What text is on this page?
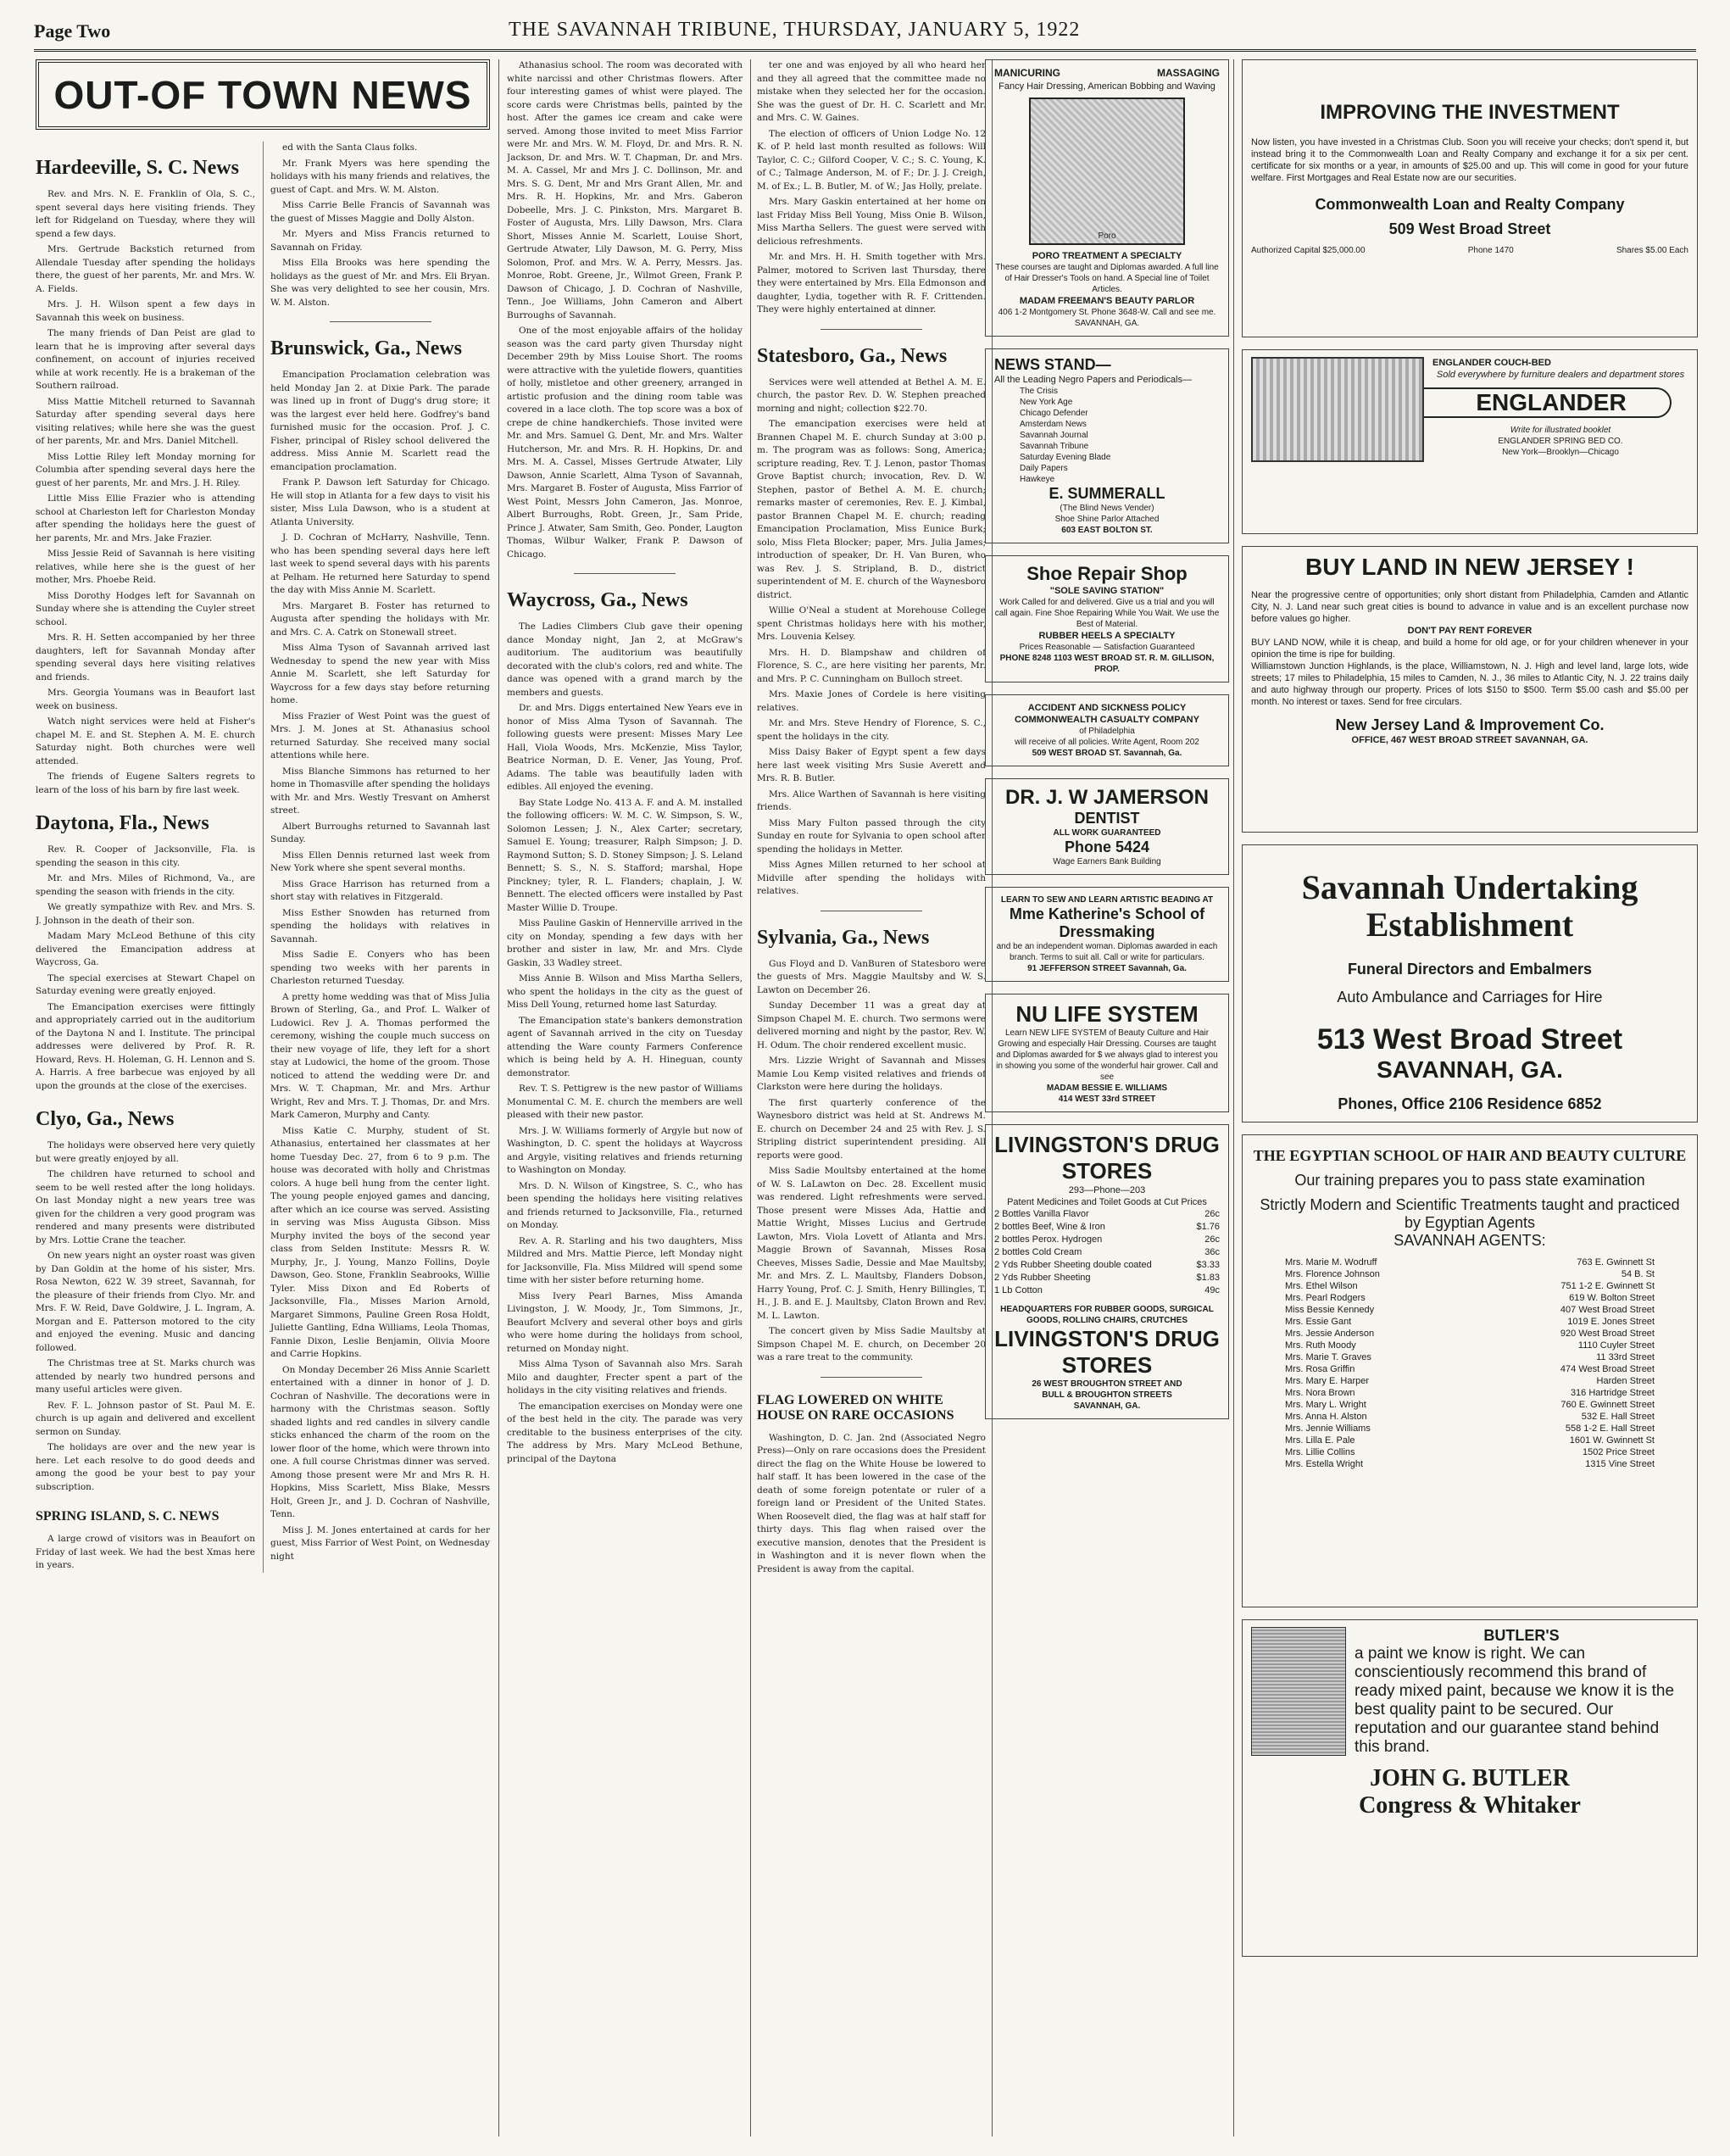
Page Two	THE SAVANNAH TRIBUNE, THURSDAY, JANUARY 5, 1922
OUT-OF TOWN NEWS
Hardeeville, S. C. News

Rev. and Mrs. N. E. Franklin of Ola, S. C., spent several days here visiting friends. They left for Ridgeland on Tuesday, where they will spend a few days.

Mrs. Gertrude Backstich returned from Allendale Tuesday after spending the holidays there, the guest of her parents, Mr. and Mrs. W. A. Fields.

Mrs. J. H. Wilson spent a few days in Savannah this week on business.

The many friends of Dan Peist are glad to learn that he is improving after several days confinement, on account of injuries received while at work recently. He is a brakeman of the Southern railroad.

Miss Mattie Mitchell returned to Savannah Saturday after spending several days here visiting relatives; while here she was the guest of her parents, Mr. and Mrs. Daniel Mitchell.

Miss Lottie Riley left Monday morning for Columbia after spending several days here the guest of her parents, Mr. and Mrs. J. H. Riley.

Little Miss Ellie Frazier who is attending school at Charleston left for Charleston Monday after spending the holidays here the guest of her parents, Mr. and Mrs. Jake Frazier.

Miss Jessie Reid of Savannah is here visiting relatives, while here she is the guest of her mother, Mrs. Phoebe Reid.

Miss Dorothy Hodges left for Savannah on Sunday where she is attending the Cuyler street school.

Mrs. R. H. Setten accompanied by her three daughters, left for Savannah Monday after spending several days here visiting relatives and friends.

Mrs. Georgia Youmans was in Beaufort last week on business.

Watch night services were held at Fisher's chapel M. E. and St. Stephen A. M. E. church Saturday night. Both churches were well attended.

The friends of Eugene Salters regrets to learn of the loss of his barn by fire last week.

Daytona, Fla., News

Rev. R. Cooper of Jacksonville, Fla. is spending the season in this city.

Mr. and Mrs. Miles of Richmond, Va., are spending the season with friends in the city.

We greatly sympathize with Rev. and Mrs. S. J. Johnson in the death of their son.

Madam Mary McLeod Bethune of this city delivered the Emancipation address at Waycross, Ga.

The special exercises at Stewart Chapel on Saturday evening were greatly enjoyed.

The Emancipation exercises were fittingly and appropriately carried out in the auditorium of the Daytona N and I. Institute. The principal addresses were delivered by Prof. R. R. Howard, Revs. H. Holeman, G. H. Lennon and S. A. Harris. A free barbecue was enjoyed by all upon the grounds at the close of the exercises.

Clyo, Ga., News

The holidays were observed here very quietly but were greatly enjoyed by all.

The children have returned to school and seem to be well rested after the long holidays. On last Monday night a new years tree was given for the children a very good program was rendered and many presents were distributed by Mrs. Lottie Crane the teacher.

On new years night an oyster roast was given by Dan Goldin at the home of his sister, Mrs. Rosa Newton, 622 W. 39 street, Savannah, for the pleasure of their friends from Clyo. Mr. and Mrs. F. W. Reid, Dave Goldwire, J. L. Ingram, A. Morgan and E. Patterson motored to the city and enjoyed the evening. Music and dancing followed.

The Christmas tree at St. Marks church was attended by nearly two hundred persons and many useful articles were given.

Rev. F. L. Johnson pastor of St. Paul M. E. church is up again and delivered and excellent sermon on Sunday.

The holidays are over and the new year is here. Let each resolve to do good deeds and among the good be your best to pay your subscription.

SPRING ISLAND, S. C. NEWS

A large crowd of visitors was in Beaufort on Friday of last week. We had the best Xmas here in years.

ed with the Santa Claus folks.

Mr. Frank Myers was here spending the holidays with his many friends and relatives, the guest of Capt. and Mrs. W. M. Alston.

Miss Carrie Belle Francis of Savannah was the guest of Misses Maggie and Dolly Alston.

Mr. Myers and Miss Francis returned to Savannah on Friday.

Miss Ella Brooks was here spending the holidays as the guest of Mr. and Mrs. Eli Bryan. She was very delighted to see her cousin, Mrs. W. M. Alston.

Brunswick, Ga., News

Emancipation Proclamation celebration was held Monday Jan 2. at Dixie Park. The parade was lined up in front of Dugg's drug store; it was the largest ever held here. Godfrey's band furnished music for the occasion. Prof. J. C. Fisher, principal of Risley school delivered the address. Miss Annie M. Scarlett read the emancipation proclamation.

Frank P. Dawson left Saturday for Chicago. He will stop in Atlanta for a few days to visit his sister, Miss Lula Dawson, who is a student at Atlanta University.

J. D. Cochran of McHarry, Nashville, Tenn. who has been spending several days here left last week to spend several days with his parents at Pelham. He returned here Saturday to spend the day with Miss Annie M. Scarlett.

Mrs. Margaret B. Foster has returned to Augusta after spending the holidays with Mr. and Mrs. C. A. Catrk on Stonewall street.

Miss Alma Tyson of Savannah arrived last Wednesday to spend the new year with Miss Annie M. Scarlett, she left Saturday for Waycross for a few days stay before returning home.

Miss Frazier of West Point was the guest of Mrs. J. M. Jones at St. Athanasius school returned Saturday. She received many social attentions while here.

Miss Blanche Simmons has returned to her home in Thomasville after spending the holidays with Mr. and Mrs. Westly Tresvant on Amherst street.

Albert Burroughs returned to Savannah last Sunday.

Miss Ellen Dennis returned last week from New York where she spent several months.

Miss Grace Harrison has returned from a short stay with relatives in Fitzgerald.

Miss Esther Snowden has returned from spending the holidays with relatives in Savannah.

Miss Sadie E. Conyers who has been spending two weeks with her parents in Charleston returned Tuesday.

A pretty home wedding was that of Miss Julia Brown of Sterling, Ga., and Prof. L. Walker of Ludowici. Rev J. A. Thomas performed the ceremony, wishing the couple much success on their new voyage of life, they left for a short stay at Ludowici, the home of the groom. Those noticed to attend the wedding were Dr. and Mrs. W. T. Chapman, Mr. and Mrs. Arthur Wright, Rev and Mrs. T. J. Thomas, Dr. and Mrs. Mark Cameron, Murphy and Canty.

Miss Katie C. Murphy, student of St. Athanasius, entertained her classmates at her home Tuesday Dec. 27, from 6 to 9 p.m. The house was decorated with holly and Christmas colors. A huge bell hung from the center light. The young people enjoyed games and dancing, after which an ice course was served. Assisting in serving was Miss Augusta Gibson. Miss Murphy invited the boys of the second year class from Selden Institute: Messrs R. W. Murphy, Jr., J. Young, Manzo Follins, Doyle Dawson, Geo. Stone, Franklin Seabrooks, Willie Tyler. Miss Dixon and Ed Roberts of Jacksonville, Fla., Misses Marion Arnold, Margaret Simmons, Pauline Green Rosa Holdt, Juliette Gantling, Edna Williams, Leola Thomas, Fannie Dixon, Leslie Benjamin, Olivia Moore and Carrie Hopkins.

On Monday December 26 Miss Annie Scarlett entertained with a dinner in honor of J. D. Cochran of Nashville. The decorations were in harmony with the Christmas season. Softly shaded lights and red candles in silvery candle sticks enhanced the charm of the room on the lower floor of the home, which were thrown into one. A full course Christmas dinner was served. Among those present were Mr and Mrs R. H. Hopkins, Miss Scarlett, Miss Blake, Messrs Holt, Green Jr., and J. D. Cochran of Nashville, Tenn.

Miss J. M. Jones entertained at cards for her guest, Miss Farrior of West Point, on Wednesday night

Athanasius school. The room was decorated with white narcissi and other Christmas flowers. After four interesting games of whist were played. The score cards were Christmas bells, painted by the host. After the games ice cream and cake were served. Among those invited to meet Miss Farrior were Mr. and Mrs. W. M. Floyd, Dr. and Mrs. R. N. Jackson, Dr. and Mrs. W. T. Chapman, Dr. and Mrs. M. A. Cassel, Mr and Mrs J. C. Dollinson, Mr. and Mrs. S. G. Dent, Mr and Mrs Grant Allen, Mr. and Mrs. R. H. Hopkins, Mr. and Mrs. Gaberon Dobeelle, Mrs. J. C. Pinkston, Mrs. Margaret B. Foster of Augusta, Mrs. Lilly Dawson, Mrs. Clara Short, Misses Annie M. Scarlett, Louise Short, Gertrude Atwater, Lily Dawson, M. G. Perry, Miss Solomon, Prof. and Mrs. W. A. Perry, Messrs. Jas. Monroe, Robt. Greene, Jr., Wilmot Green, Frank P. Dawson of Chicago, J. D. Cochran of Nashville, Tenn., Joe Williams, John Cameron and Albert Burroughs of Savannah.

One of the most enjoyable affairs of the holiday season was the card party given Thursday night December 29th by Miss Louise Short. The rooms were attractive with the yuletide flowers, quantities of holly, mistletoe and other greenery, arranged in artistic profusion and the dining room table was covered in a lace cloth. The top score was a box of crepe de chine handkerchiefs. Those invited were Mr. and Mrs. Samuel G. Dent, Mr. and Mrs. Walter Hutcherson, Mr. and Mrs. R. H. Hopkins, Dr. and Mrs. M. A. Cassel, Misses Gertrude Atwater, Lily Dawson, Annie Scarlett, Alma Tyson of Savannah, Mrs. Margaret B. Foster of Augusta, Miss Farrior of West Point, Messrs John Cameron, Jas. Monroe, Albert Burroughs, Robt. Green, Jr., Sam Pride, Prince J. Atwater, Sam Smith, Geo. Ponder, Laugton Thomas, Wilbur Walker, Frank P. Dawson of Chicago.

Waycross, Ga., News

The Ladies Climbers Club gave their opening dance Monday night, Jan 2, at McGraw's auditorium. The auditorium was beautifully decorated with the club's colors, red and white. The dance was opened with a grand march by the members and guests.

Dr. and Mrs. Diggs entertained New Years eve in honor of Miss Alma Tyson of Savannah. The following guests were present: Misses Mary Lee Hall, Viola Woods, Mrs. McKenzie, Miss Taylor, Beatrice Norman, D. E. Vener, Jas Young, Prof. Adams. The table was beautifully laden with edibles. All enjoyed the evening.

Bay State Lodge No. 413 A. F. and A. M. installed the following officers: W. M. C. W. Simpson, S. W., Solomon Lessen; J. N., Alex Carter; secretary, Samuel E. Young; treasurer, Ralph Simpson; J. D. Raymond Sutton; S. D. Stoney Simpson; J. S. Leland Bennett; S. S., N. S. Stafford; marshal, Hope Pinckney; tyler, R. L. Flanders; chaplain, J. W. Bennett. The elected officers were installed by Past Master Willie D. Troupe.

Miss Pauline Gaskin of Hennerville arrived in the city on Monday, spending a few days with her brother and sister in law, Mr. and Mrs. Clyde Gaskin, 33 Wadley street.

Miss Annie B. Wilson and Miss Martha Sellers, who spent the holidays in the city as the guest of Miss Dell Young, returned home last Saturday.

The Emancipation state's bankers demonstration agent of Savannah arrived in the city on Tuesday attending the Ware county Farmers Conference which is being held by A. H. Hineguan, county demonstrator.

Rev. T. S. Pettigrew is the new pastor of Williams Monumental C. M. E. church the members are well pleased with their new pastor.

Mrs. J. W. Williams formerly of Argyle but now of Washington, D. C. spent the holidays at Waycross and Argyle, visiting relatives and friends returning to Washington on Monday.

Mrs. D. N. Wilson of Kingstree, S. C., who has been spending the holidays here visiting relatives and friends returned to Jacksonville, Fla., returned on Monday.

Rev. A. R. Starling and his two daughters, Miss Mildred and Mrs. Mattie Pierce, left Monday night for Jacksonville, Fla. Miss Mildred will spend some time with her sister before returning home.

Miss Ivery Pearl Barnes, Miss Amanda Livingston, J. W. Moody, Jr., Tom Simmons, Jr., Beaufort McIvery and several other boys and girls who were home during the holidays from school, returned on Monday night.

Miss Alma Tyson of Savannah also Mrs. Sarah Milo and daughter, Frecter spent a part of the holidays in the city visiting relatives and friends.

The emancipation exercises on Monday were one of the best held in the city. The parade was very creditable to the business enterprises of the city. The address by Mrs. Mary McLeod Bethune, principal of the Daytona

ter one and was enjoyed by all who heard her and they all agreed that the committee made no mistake when they selected her for the occasion. She was the guest of Dr. H. C. Scarlett and Mr. and Mrs. C. W. Gaines.

The election of officers of Union Lodge No. 12 K. of P. held last month resulted as follows: Will Taylor, C. C.; Gilford Cooper, V. C.; S. C. Young, K. of C.; Talmage Anderson, M. of F.; Dr. J. J. Creigh, M. of Ex.; L. B. Butler, M. of W.; Jas Holly, prelate.

Mrs. Mary Gaskin entertained at her home on last Friday Miss Bell Young, Miss Onie B. Wilson, Miss Martha Sellers. The guest were served with delicious refreshments.

Mr. and Mrs. H. H. Smith together with Mrs. Palmer, motored to Scriven last Thursday, there they were entertained by Mrs. Ella Edmonson and daughter, Lydia, together with R. F. Crittenden. They were highly entertained at dinner.

Statesboro, Ga., News

Services were well attended at Bethel A. M. E. church, the pastor Rev. D. W. Stephen preached morning and night; collection $22.70.

The emancipation exercises were held at Brannen Chapel M. E. church Sunday at 3:00 p. m. The program was as follows: Song, America; scripture reading, Rev. T. J. Lenon, pastor Thomas Grove Baptist church; invocation, Rev. D. W. Stephen, pastor of Bethel A. M. E. church; remarks master of ceremonies, Rev. E. J. Kimbal, pastor Brannen Chapel M. E. church; reading Emancipation Proclamation, Miss Eunice Burk; solo, Miss Fleta Blocker; paper, Mrs. Julia James; introduction of speaker, Dr. H. Van Buren, who was Rev. J. S. Stripland, B. D., district superintendent of M. E. church of the Waynesboro district.

Willie O'Neal a student at Morehouse College spent Christmas holidays here with his mother, Mrs. Louvenia Kelsey.

Mrs. H. D. Blampshaw and children of Florence, S. C., are here visiting her parents, Mr. and Mrs. P. C. Cunningham on Bulloch street.

Mrs. Maxie Jones of Cordele is here visiting relatives.

Mr. and Mrs. Steve Hendry of Florence, S. C., spent the holidays in the city.

Miss Daisy Baker of Egypt spent a few days here last week visiting Mrs Susie Averett and Mrs. R. B. Butler.

Mrs. Alice Warthen of Savannah is here visiting friends.

Miss Mary Fulton passed through the city Sunday en route for Sylvania to open school after spending the holidays in Metter.

Miss Agnes Millen returned to her school at Midville after spending the holidays with relatives.

Sylvania, Ga., News

Gus Floyd and D. VanBuren of Statesboro were the guests of Mrs. Maggie Maultsby and W. S. Lawton on December 26.

Sunday December 11 was a great day at Simpson Chapel M. E. church. Two sermons were delivered morning and night by the pastor, Rev. W. H. Odum. The choir rendered excellent music.

Mrs. Lizzie Wright of Savannah and Misses Mamie Lou Kemp visited relatives and friends of Clarkston were here during the holidays.

The first quarterly conference of the Waynesboro district was held at St. Andrews M. E. church on December 24 and 25 with Rev. J. S. Stripling district superintendent presiding. All reports were good.

Miss Sadie Moultsby entertained at the home of W. S. LaLawton on Dec. 28. Excellent music was rendered. Light refreshments were served. Those present were Misses Ada, Hattie and Mattie Wright, Misses Lucius and Gertrude Lawton, Mrs. Viola Lovett of Atlanta and Mrs. Maggie Brown of Savannah, Misses Rosa Cheeves, Misses Sadie, Dessie and Mae Maultsby, Mr. and Mrs. Z. L. Maultsby, Flanders Dobson, Harry Young, Prof. C. J. Smith, Henry Billingles, T. H., J. B. and E. J. Maultsby, Claton Brown and Rev. M. L. Lawton.

The concert given by Miss Sadie Maultsby at Simpson Chapel M. E. church, on December 20 was a rare treat to the community.

FLAG LOWERED ON WHITE HOUSE ON RARE OCCASIONS

Washington, D. C. Jan. 2nd (Associated Negro Press)—Only on rare occasions does the President direct the flag on the White House be lowered to half staff. It has been lowered in the case of the death of some foreign potentate or ruler of a foreign land or President of the United States. When Roosevelt died, the flag was at half staff for thirty days. This flag when raised over the executive mansion, denotes that the President is in Washington and it is never flown when the President is away from the capital.

MANICURING	MASSAGING
Fancy Hair Dressing, American Bobbing and Waving
Poro
PORO TREATMENT A SPECIALTY
These courses are taught and Diplomas awarded. A full line of Hair Dresser's Tools on hand. A Special line of Toilet Articles.
MADAM FREEMAN'S BEAUTY PARLOR
406 1-2 Montgomery St. Phone 3648-W. Call and see me. SAVANNAH, GA.
NEWS STAND—
All the Leading Negro Papers and Periodicals—
The Crisis
New York Age
Chicago Defender
Amsterdam News
Savannah Journal
Savannah Tribune
Saturday Evening Blade
Daily Papers
Hawkeye
E. SUMMERALL
(The Blind News Vender)
Shoe Shine Parlor Attached
603 EAST BOLTON ST.
Shoe Repair Shop
"SOLE SAVING STATION"
Work Called for and delivered. Give us a trial and you will call again. Fine Shoe Repairing While You Wait. We use the Best of Material.
RUBBER HEELS A SPECIALTY
Prices Reasonable — Satisfaction Guaranteed
PHONE 8248 1103 WEST BROAD ST. R. M. GILLISON, PROP.
ACCIDENT AND SICKNESS POLICY
COMMONWEALTH CASUALTY COMPANY
of Philadelphia
will receive of all policies. Write Agent, Room 202
509 WEST BROAD ST. Savannah, Ga.
DR. J. W JAMERSON
DENTIST
ALL WORK GUARANTEED
Phone 5424
Wage Earners Bank Building
LEARN TO SEW AND LEARN ARTISTIC BEADING AT
Mme Katherine's School of Dressmaking
and be an independent woman. Diplomas awarded in each branch. Terms to suit all. Call or write for particulars.
91 JEFFERSON STREET Savannah, Ga.
NU LIFE SYSTEM
Learn NEW LIFE SYSTEM of Beauty Culture and Hair Growing and especially Hair Dressing. Courses are taught and Diplomas awarded for $ we always glad to interest you in showing you some of the wonderful hair grower. Call and see
MADAM BESSIE E. WILLIAMS
414 WEST 33rd STREET
LIVINGSTON'S DRUG STORES
293—Phone—203
Patent Medicines and Toilet Goods at Cut Prices
2 Bottles Vanilla Flavor	26c
2 bottles Beef, Wine & Iron	$1.76
2 bottles Perox. Hydrogen	26c
2 bottles Cold Cream	36c
2 Yds Rubber Sheeting double coated	$3.33
2 Yds Rubber Sheeting	$1.83
1 Lb Cotton	49c
HEADQUARTERS FOR RUBBER GOODS, SURGICAL GOODS, ROLLING CHAIRS, CRUTCHES
LIVINGSTON'S DRUG STORES
26 WEST BROUGHTON STREET AND
BULL & BROUGHTON STREETS
SAVANNAH, GA.
IMPROVING THE INVESTMENT
Now listen, you have invested in a Christmas Club. Soon you will receive your checks; don't spend it, but instead bring it to the Commonwealth Loan and Realty Company and exchange it for a six per cent. certificate for six months or a year, in amounts of $25.00 and up. This will come in good for your future welfare. First Mortgages and Real Estate now are our securities.
Commonwealth Loan and Realty Company
509 West Broad Street
Authorized Capital $25,000.00	Phone 1470	Shares $5.00 Each
ENGLANDER COUCH-BED
Sold everywhere by furniture dealers and department stores
ENGLANDER
Write for illustrated booklet
ENGLANDER SPRING BED CO.
New York—Brooklyn—Chicago
BUY LAND IN NEW JERSEY !
Near the progressive centre of opportunities; only short distant from Philadelphia, Camden and Atlantic City, N. J. Land near such great cities is bound to advance in value and is an excellent purchase now before values go higher.
DON'T PAY RENT FOREVER
BUY LAND NOW, while it is cheap, and build a home for old age, or for your children whenever in your opinion the time is ripe for building.
Williamstown Junction Highlands, is the place, Williamstown, N. J. High and level land, large lots, wide streets; 17 miles to Philadelphia, 15 miles to Camden, N. J., 36 miles to Atlantic City, N. J. 22 trains daily and auto highway through our property. Prices of lots $150 to $500. Term $5.00 cash and $5.00 per month. No interest or taxes. Send for free circulars.
New Jersey Land & Improvement Co.
OFFICE, 467 WEST BROAD STREET SAVANNAH, GA.
Savannah Undertaking Establishment
Funeral Directors and Embalmers
Auto Ambulance and Carriages for Hire
513 West Broad Street
SAVANNAH, GA.
Phones, Office 2106 Residence 6852
THE EGYPTIAN SCHOOL OF HAIR AND BEAUTY CULTURE
Our training prepares you to pass state examination
Strictly Modern and Scientific Treatments taught and practiced by Egyptian Agents
SAVANNAH AGENTS:
Mrs. Marie M. Wodruff	763 E. Gwinnett St
Mrs. Florence Johnson	54 B. St
Mrs. Ethel Wilson	751 1-2 E. Gwinnett St
Mrs. Pearl Rodgers	619 W. Bolton Street
Miss Bessie Kennedy	407 West Broad Street
Mrs. Essie Gant	1019 E. Jones Street
Mrs. Jessie Anderson	920 West Broad Street
Mrs. Ruth Moody	1110 Cuyler Street
Mrs. Marie T. Graves	11 33rd Street
Mrs. Rosa Griffin	474 West Broad Street
Mrs. Mary E. Harper	Harden Street
Mrs. Nora Brown	316 Hartridge Street
Mrs. Mary L. Wright	760 E. Gwinnett Street
Mrs. Anna H. Alston	532 E. Hall Street
Mrs. Jennie Williams	558 1-2 E. Hall Street
Mrs. Lilla E. Pale	1601 W. Gwinnett St
Mrs. Lillie Collins	1502 Price Street
Mrs. Estella Wright	1315 Vine Street
BUTLER'S
a paint we know is right. We can conscientiously recommend this brand of ready mixed paint, because we know it is the best quality paint to be secured. Our reputation and our guarantee stand behind this brand.
JOHN G. BUTLER
Congress & Whitaker
